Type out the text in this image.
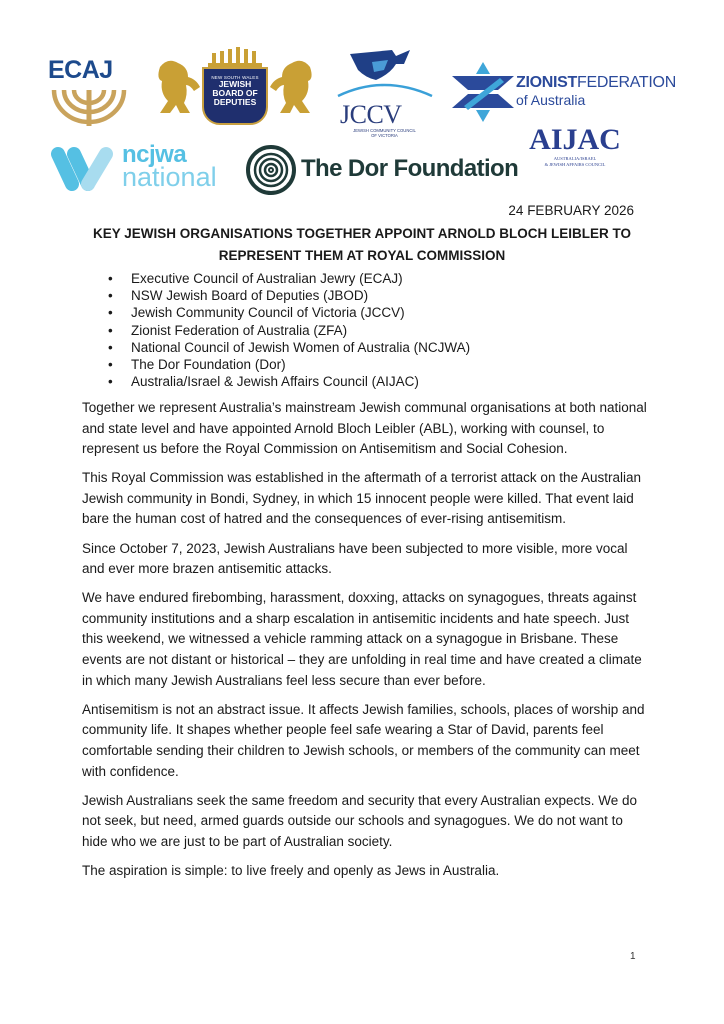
ECAJ	NEW SOUTH WALES
JEWISH
BOARD OF
DEPUTIES	JCCV
JEWISH COMMUNITY COUNCIL
OF VICTORIA
ZIONISTFEDERATION
of Australia
AIJAC
AUSTRALIA/ISRAEL
& JEWISH AFFAIRS COUNCIL
ncjwa
national	The Dor Foundation
24 FEBRUARY 2026
KEY JEWISH ORGANISATIONS TOGETHER APPOINT ARNOLD BLOCH LEIBLER TO
REPRESENT THEM AT ROYAL COMMISSION
• Executive Council of Australian Jewry (ECAJ)
• NSW Jewish Board of Deputies (JBOD)
• Jewish Community Council of Victoria (JCCV)
• Zionist Federation of Australia (ZFA)
• National Council of Jewish Women of Australia (NCJWA)
• The Dor Foundation (Dor)
• Australia/Israel & Jewish Affairs Council (AIJAC)

Together we represent Australia’s mainstream Jewish communal organisations at both national and state level and have appointed Arnold Bloch Leibler (ABL), working with counsel, to represent us before the Royal Commission on Antisemitism and Social Cohesion.

This Royal Commission was established in the aftermath of a terrorist attack on the Australian Jewish community in Bondi, Sydney, in which 15 innocent people were killed. That event laid bare the human cost of hatred and the consequences of ever-rising antisemitism.

Since October 7, 2023, Jewish Australians have been subjected to more visible, more vocal and ever more brazen antisemitic attacks.

We have endured firebombing, harassment, doxxing, attacks on synagogues, threats against community institutions and a sharp escalation in antisemitic incidents and hate speech. Just this weekend, we witnessed a vehicle ramming attack on a synagogue in Brisbane. These events are not distant or historical – they are unfolding in real time and have created a climate in which many Jewish Australians feel less secure than ever before.

Antisemitism is not an abstract issue. It affects Jewish families, schools, places of worship and community life. It shapes whether people feel safe wearing a Star of David, parents feel comfortable sending their children to Jewish schools, or members of the community can meet with confidence.

Jewish Australians seek the same freedom and security that every Australian expects. We do not seek, but need, armed guards outside our schools and synagogues. We do not want to hide who we are just to be part of Australian society.

The aspiration is simple: to live freely and openly as Jews in Australia.

1
